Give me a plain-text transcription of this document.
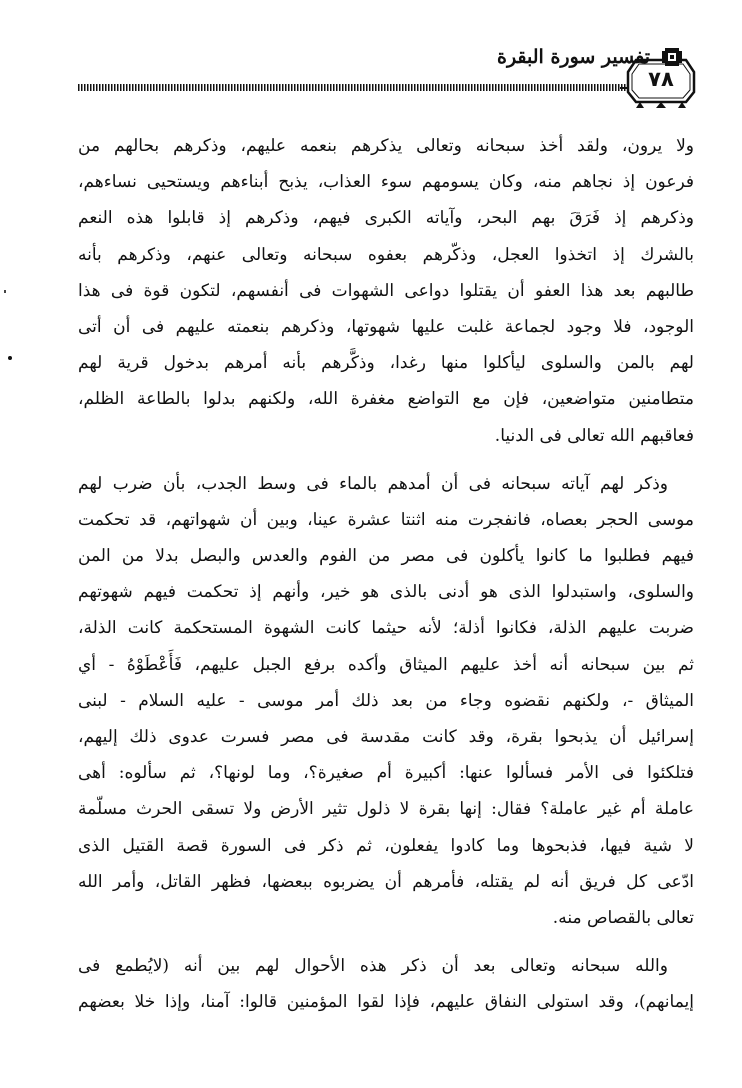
٧٨
تفسير سورة البقرة
ولا يرون، ولقد أخذ سبحانه وتعالى يذكرهم بنعمه عليهم، وذكرهم بحالهم من
فرعون إذ نجاهم منه، وكان يسومهم سوء العذاب، يذبح أبناءهم ويستحيى نساءهم،
وذكرهم إذ فَرَقَ بهم البحر، وآياته الكبرى فيهم، وذكرهم إذ قابلوا هذه النعم
بالشرك إذ اتخذوا العجل، وذكّرهم بعفوه سبحانه وتعالى عنهم، وذكرهم بأنه
طالبهم بعد هذا العفو أن يقتلوا دواعى الشهوات فى أنفسهم، لتكون قوة فى هذا
الوجود، فلا وجود لجماعة غلبت عليها شهوتها، وذكرهم بنعمته عليهم فى أن أتى
لهم بالمن والسلوى ليأكلوا منها رغدا، وذكَّرهم بأنه أمرهم بدخول قرية لهم
متطامنين متواضعين، فإن مع التواضع مغفرة الله، ولكنهم بدلوا بالطاعة الظلم،
فعاقبهم الله تعالى فى الدنيا.
وذكر لهم آياته سبحانه فى أن أمدهم بالماء فى وسط الجدب، بأن ضرب لهم
موسى الحجر بعصاه، فانفجرت منه اثنتا عشرة عينا، وبين أن شهواتهم، قد تحكمت
فيهم فطلبوا ما كانوا يأكلون فى مصر من الفوم والعدس والبصل بدلا من المن
والسلوى، واستبدلوا الذى هو أدنى بالذى هو خير، وأنهم إذ تحكمت فيهم شهوتهم
ضربت عليهم الذلة، فكانوا أذلة؛ لأنه حيثما كانت الشهوة المستحكمة كانت الذلة،
ثم بين سبحانه أنه أخذ عليهم الميثاق وأكده برفع الجبل عليهم، فَأَعْطَوْهُ - أي
الميثاق -، ولكنهم نقضوه وجاء من بعد ذلك أمر موسى - عليه السلام - لبنى
إسرائيل أن يذبحوا بقرة، وقد كانت مقدسة فى مصر فسرت عدوى ذلك إليهم،
فتلكئوا فى الأمر فسألوا عنها: أكبيرة أم صغيرة؟، وما لونها؟، ثم سألوه: أهى
عاملة أم غير عاملة؟ فقال: إنها بقرة لا ذلول تثير الأرض ولا تسقى الحرث مسلّمة
لا شية فيها، فذبحوها وما كادوا يفعلون، ثم ذكر فى السورة قصة القتيل الذى
ادّعى كل فريق أنه لم يقتله، فأمرهم أن يضربوه ببعضها، فظهر القاتل، وأمر الله
تعالى بالقصاص منه.
والله سبحانه وتعالى بعد أن ذكر هذه الأحوال لهم بين أنه (لايُطمع فى
إيمانهم)، وقد استولى النفاق عليهم، فإذا لقوا المؤمنين قالوا: آمنا، وإذا خلا بعضهم
